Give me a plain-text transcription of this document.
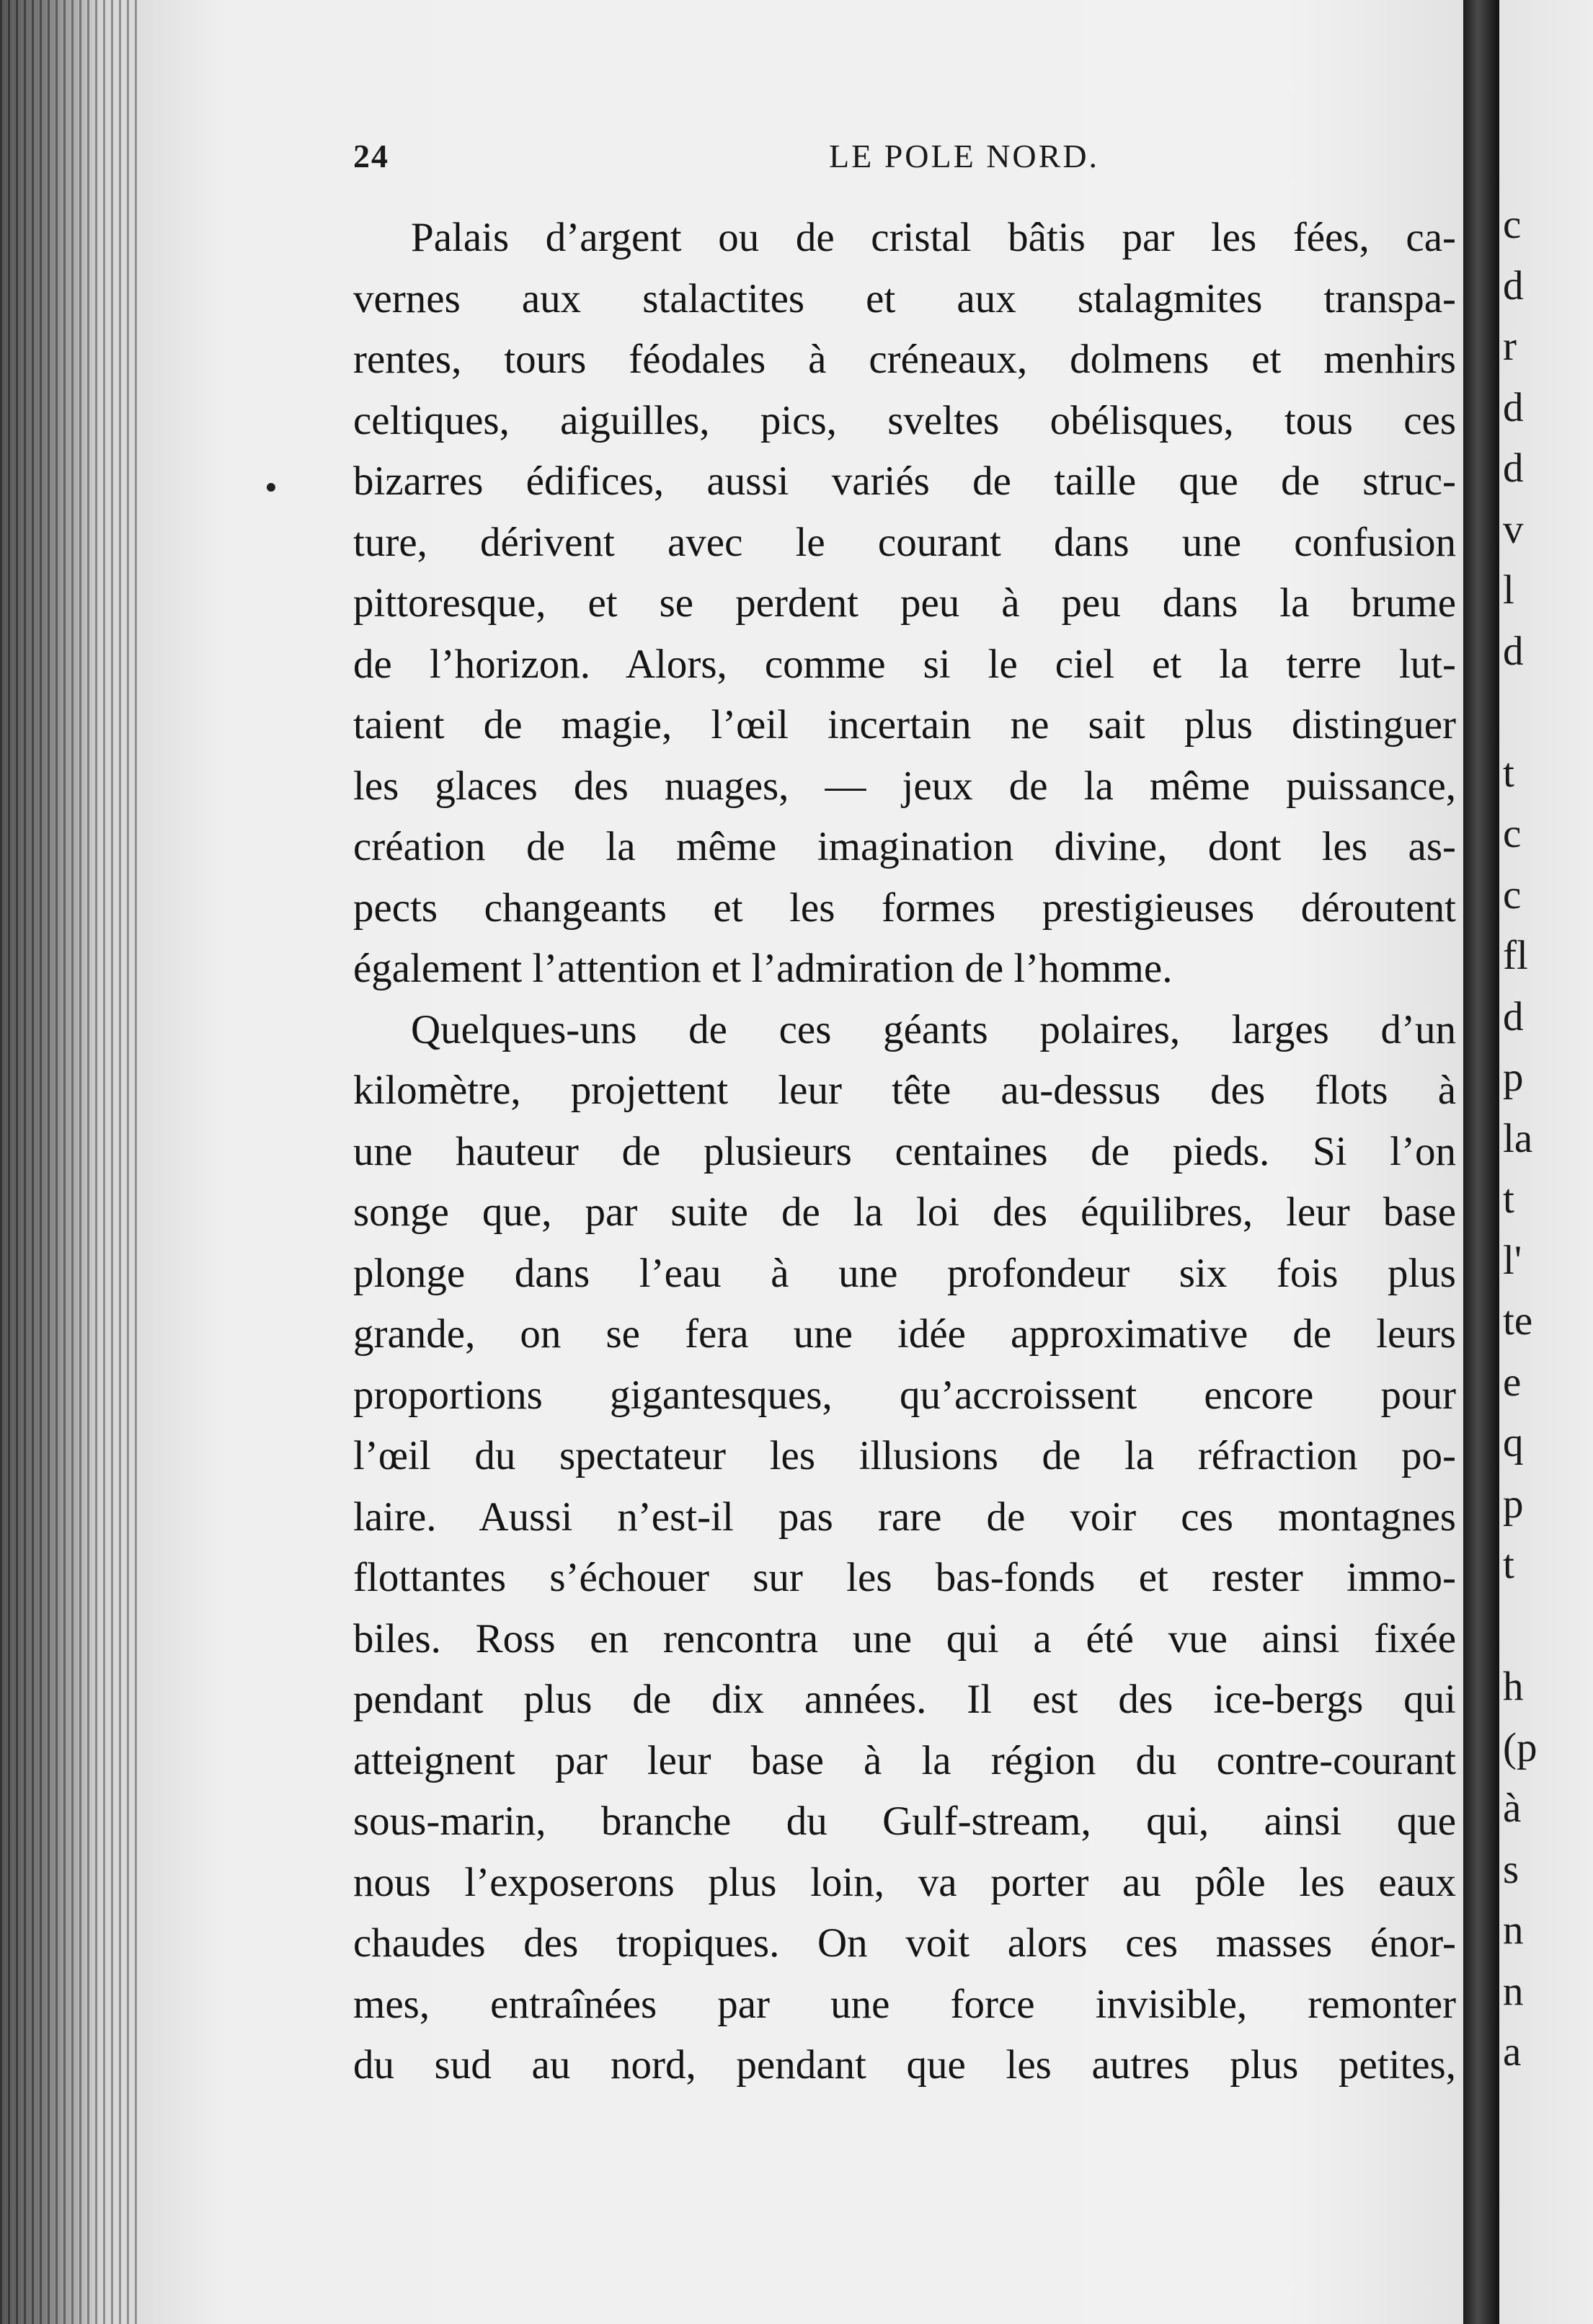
24	LE POLE NORD.
Palais d’argent ou de cristal bâtis par les fées, ca-
vernes aux stalactites et aux stalagmites transpa-
rentes, tours féodales à créneaux, dolmens et menhirs
celtiques, aiguilles, pics, sveltes obélisques, tous ces
bizarres édifices, aussi variés de taille que de struc-
ture, dérivent avec le courant dans une confusion
pittoresque, et se perdent peu à peu dans la brume
de l’horizon. Alors, comme si le ciel et la terre lut-
taient de magie, l’œil incertain ne sait plus distinguer
les glaces des nuages, — jeux de la même puissance,
création de la même imagination divine, dont les as-
pects changeants et les formes prestigieuses déroutent
également l’attention et l’admiration de l’homme.
Quelques-uns de ces géants polaires, larges d’un
kilomètre, projettent leur tête au-dessus des flots à
une hauteur de plusieurs centaines de pieds. Si l’on
songe que, par suite de la loi des équilibres, leur base
plonge dans l’eau à une profondeur six fois plus
grande, on se fera une idée approximative de leurs
proportions gigantesques, qu’accroissent encore pour
l’œil du spectateur les illusions de la réfraction po-
laire. Aussi n’est-il pas rare de voir ces montagnes
flottantes s’échouer sur les bas-fonds et rester immo-
biles. Ross en rencontra une qui a été vue ainsi fixée
pendant plus de dix années. Il est des ice-bergs qui
atteignent par leur base à la région du contre-courant
sous-marin, branche du Gulf-stream, qui, ainsi que
nous l’exposerons plus loin, va porter au pôle les eaux
chaudes des tropiques. On voit alors ces masses énor-
mes, entraînées par une force invisible, remonter
du sud au nord, pendant que les autres plus petites,
c
d
r
d
d
v
l
d
t
c
c
fl
d
p
la
t
l'
te
e
q
p
t
h
(p
à
s
n
n
a
